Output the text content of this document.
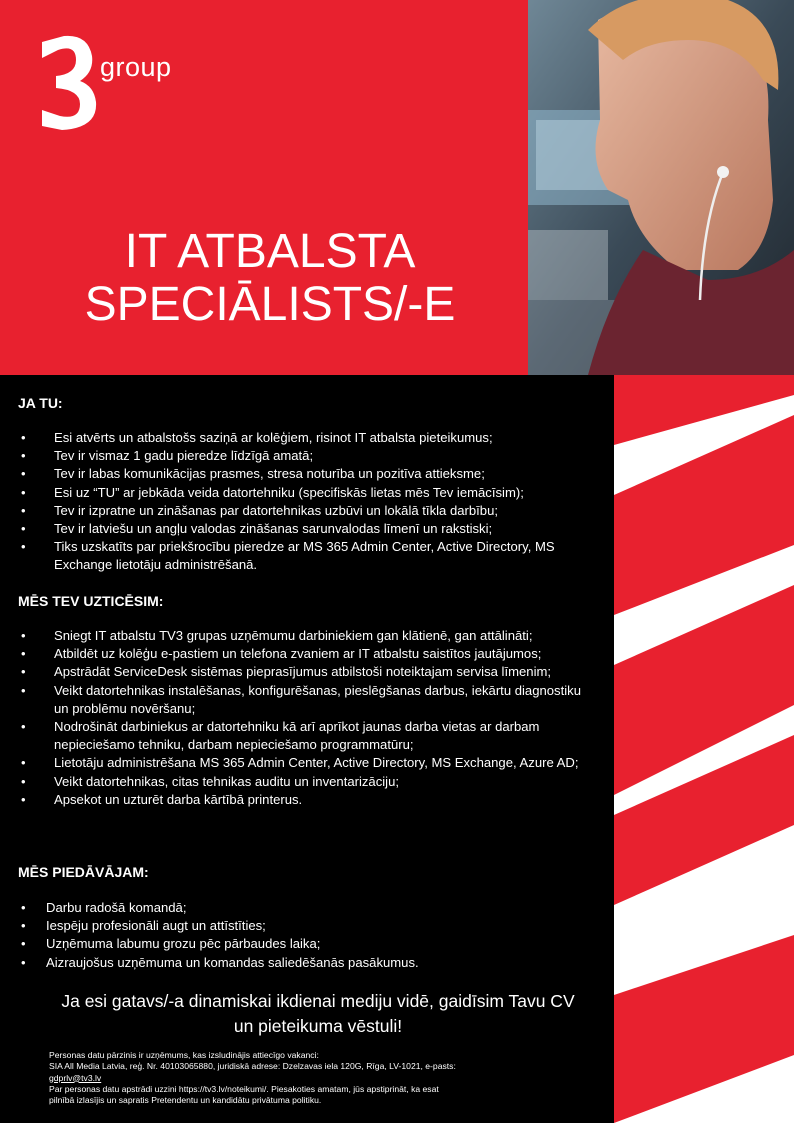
group
IT ATBALSTA
SPECIĀLISTS/-E
JA TU:
• Esi atvērts un atbalstošs saziņā ar kolēģiem, risinot IT atbalsta pieteikumus;
• Tev ir vismaz 1 gadu pieredze līdzīgā amatā;
• Tev ir labas komunikācijas prasmes, stresa noturība un pozitīva attieksme;
• Esi uz “TU” ar jebkāda veida datortehniku (specifiskās lietas mēs Tev iemācīsim);
• Tev ir izpratne un zināšanas par datortehnikas uzbūvi un lokālā tīkla darbību;
• Tev ir latviešu un angļu valodas zināšanas sarunvalodas līmenī un rakstiski;
• Tiks uzskatīts par priekšrocību pieredze ar MS 365 Admin Center, Active Directory, MS Exchange lietotāju administrēšanā.
MĒS TEV UZTICĒSIM:
• Sniegt IT atbalstu TV3 grupas uzņēmumu darbiniekiem gan klātienē, gan attālināti;
• Atbildēt uz kolēģu e-pastiem un telefona zvaniem ar IT atbalstu saistītos jautājumos;
• Apstrādāt ServiceDesk sistēmas pieprasījumus atbilstoši noteiktajam servisa līmenim;
• Veikt datortehnikas instalēšanas, konfigurēšanas, pieslēgšanas darbus, iekārtu diagnostiku un problēmu novēršanu;
• Nodrošināt darbiniekus ar datortehniku kā arī aprīkot jaunas darba vietas ar darbam nepieciešamo tehniku, darbam nepieciešamo programmatūru;
• Lietotāju administrēšana MS 365 Admin Center, Active Directory, MS Exchange, Azure AD;
• Veikt datortehnikas, citas tehnikas auditu un inventarizāciju;
• Apsekot un uzturēt darba kārtībā printerus.
MĒS PIEDĀVĀJAM:
• Darbu radošā komandā;
• Iespēju profesionāli augt un attīstīties;
• Uzņēmuma labumu grozu pēc pārbaudes laika;
• Aizraujošus uzņēmuma un komandas saliedēšanās pasākumus.
Ja esi gatavs/-a dinamiskai ikdienai mediju vidē, gaidīsim Tavu CV
un pieteikuma vēstuli!
Personas datu pārzinis ir uzņēmums, kas izsludinājis attiecīgo vakanci:
SIA All Media Latvia, reģ. Nr. 40103065880, juridiskā adrese: Dzelzavas iela 120G, Rīga, LV-1021, e-pasts:
gdprlv@tv3.lv
Par personas datu apstrādi uzzini https://tv3.lv/noteikumi/. Piesakoties amatam, jūs apstiprināt, ka esat
pilnībā izlasījis un sapratis Pretendentu un kandidātu privātuma politiku.
